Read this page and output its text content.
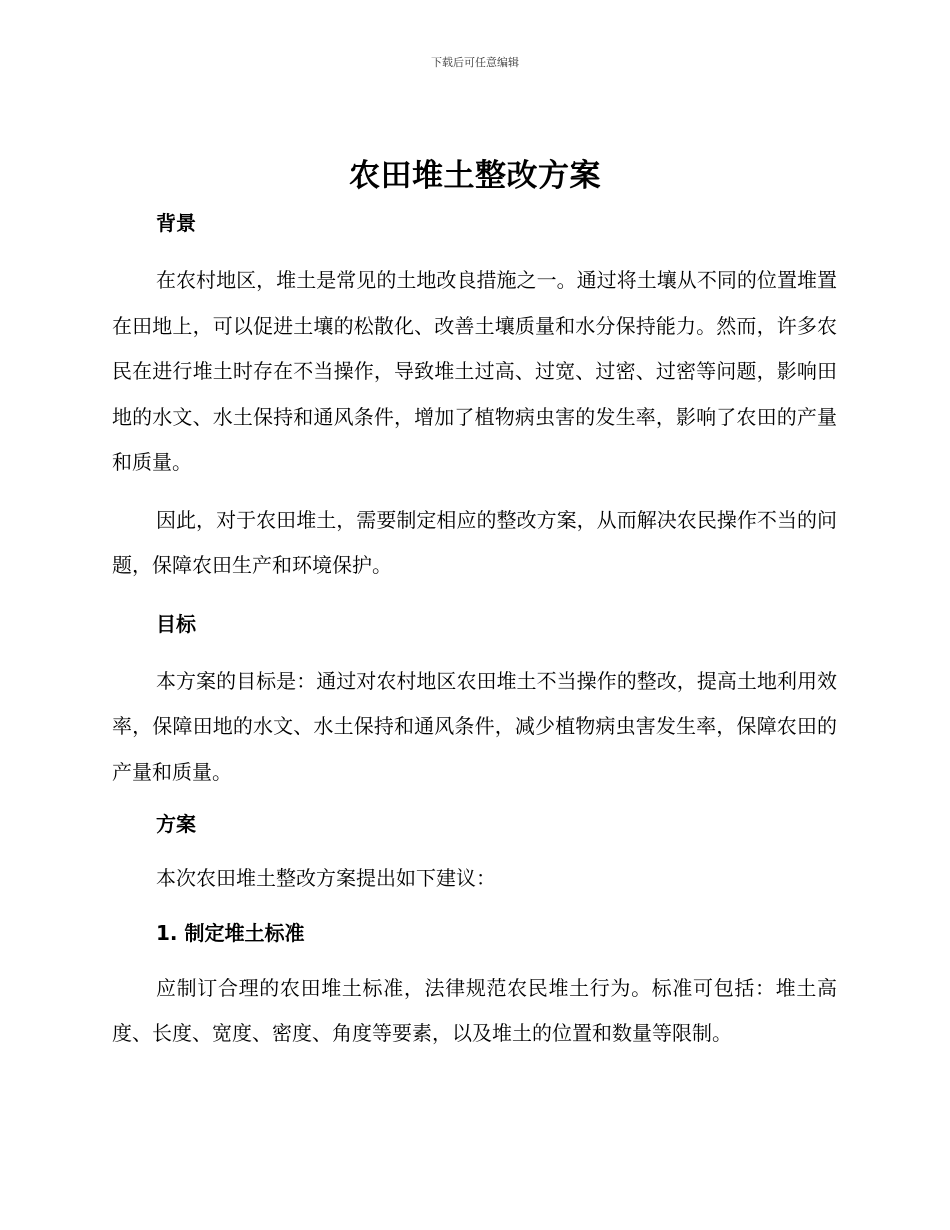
下载后可任意编辑
农田堆土整改方案

背景

在农村地区，堆土是常见的土地改良措施之一。通过将土壤从不同的位置堆置在田地上，可以促进土壤的松散化、改善土壤质量和水分保持能力。然而，许多农民在进行堆土时存在不当操作，导致堆土过高、过宽、过密、过密等问题，影响田地的水文、水土保持和通风条件，增加了植物病虫害的发生率，影响了农田的产量和质量。

因此，对于农田堆土，需要制定相应的整改方案，从而解决农民操作不当的问题，保障农田生产和环境保护。

目标

本方案的目标是：通过对农村地区农田堆土不当操作的整改，提高土地利用效率，保障田地的水文、水土保持和通风条件，减少植物病虫害发生率，保障农田的产量和质量。

方案

本次农田堆土整改方案提出如下建议：

1. 制定堆土标准

应制订合理的农田堆土标准，法律规范农民堆土行为。标准可包括：堆土高度、长度、宽度、密度、角度等要素，以及堆土的位置和数量等限制。
